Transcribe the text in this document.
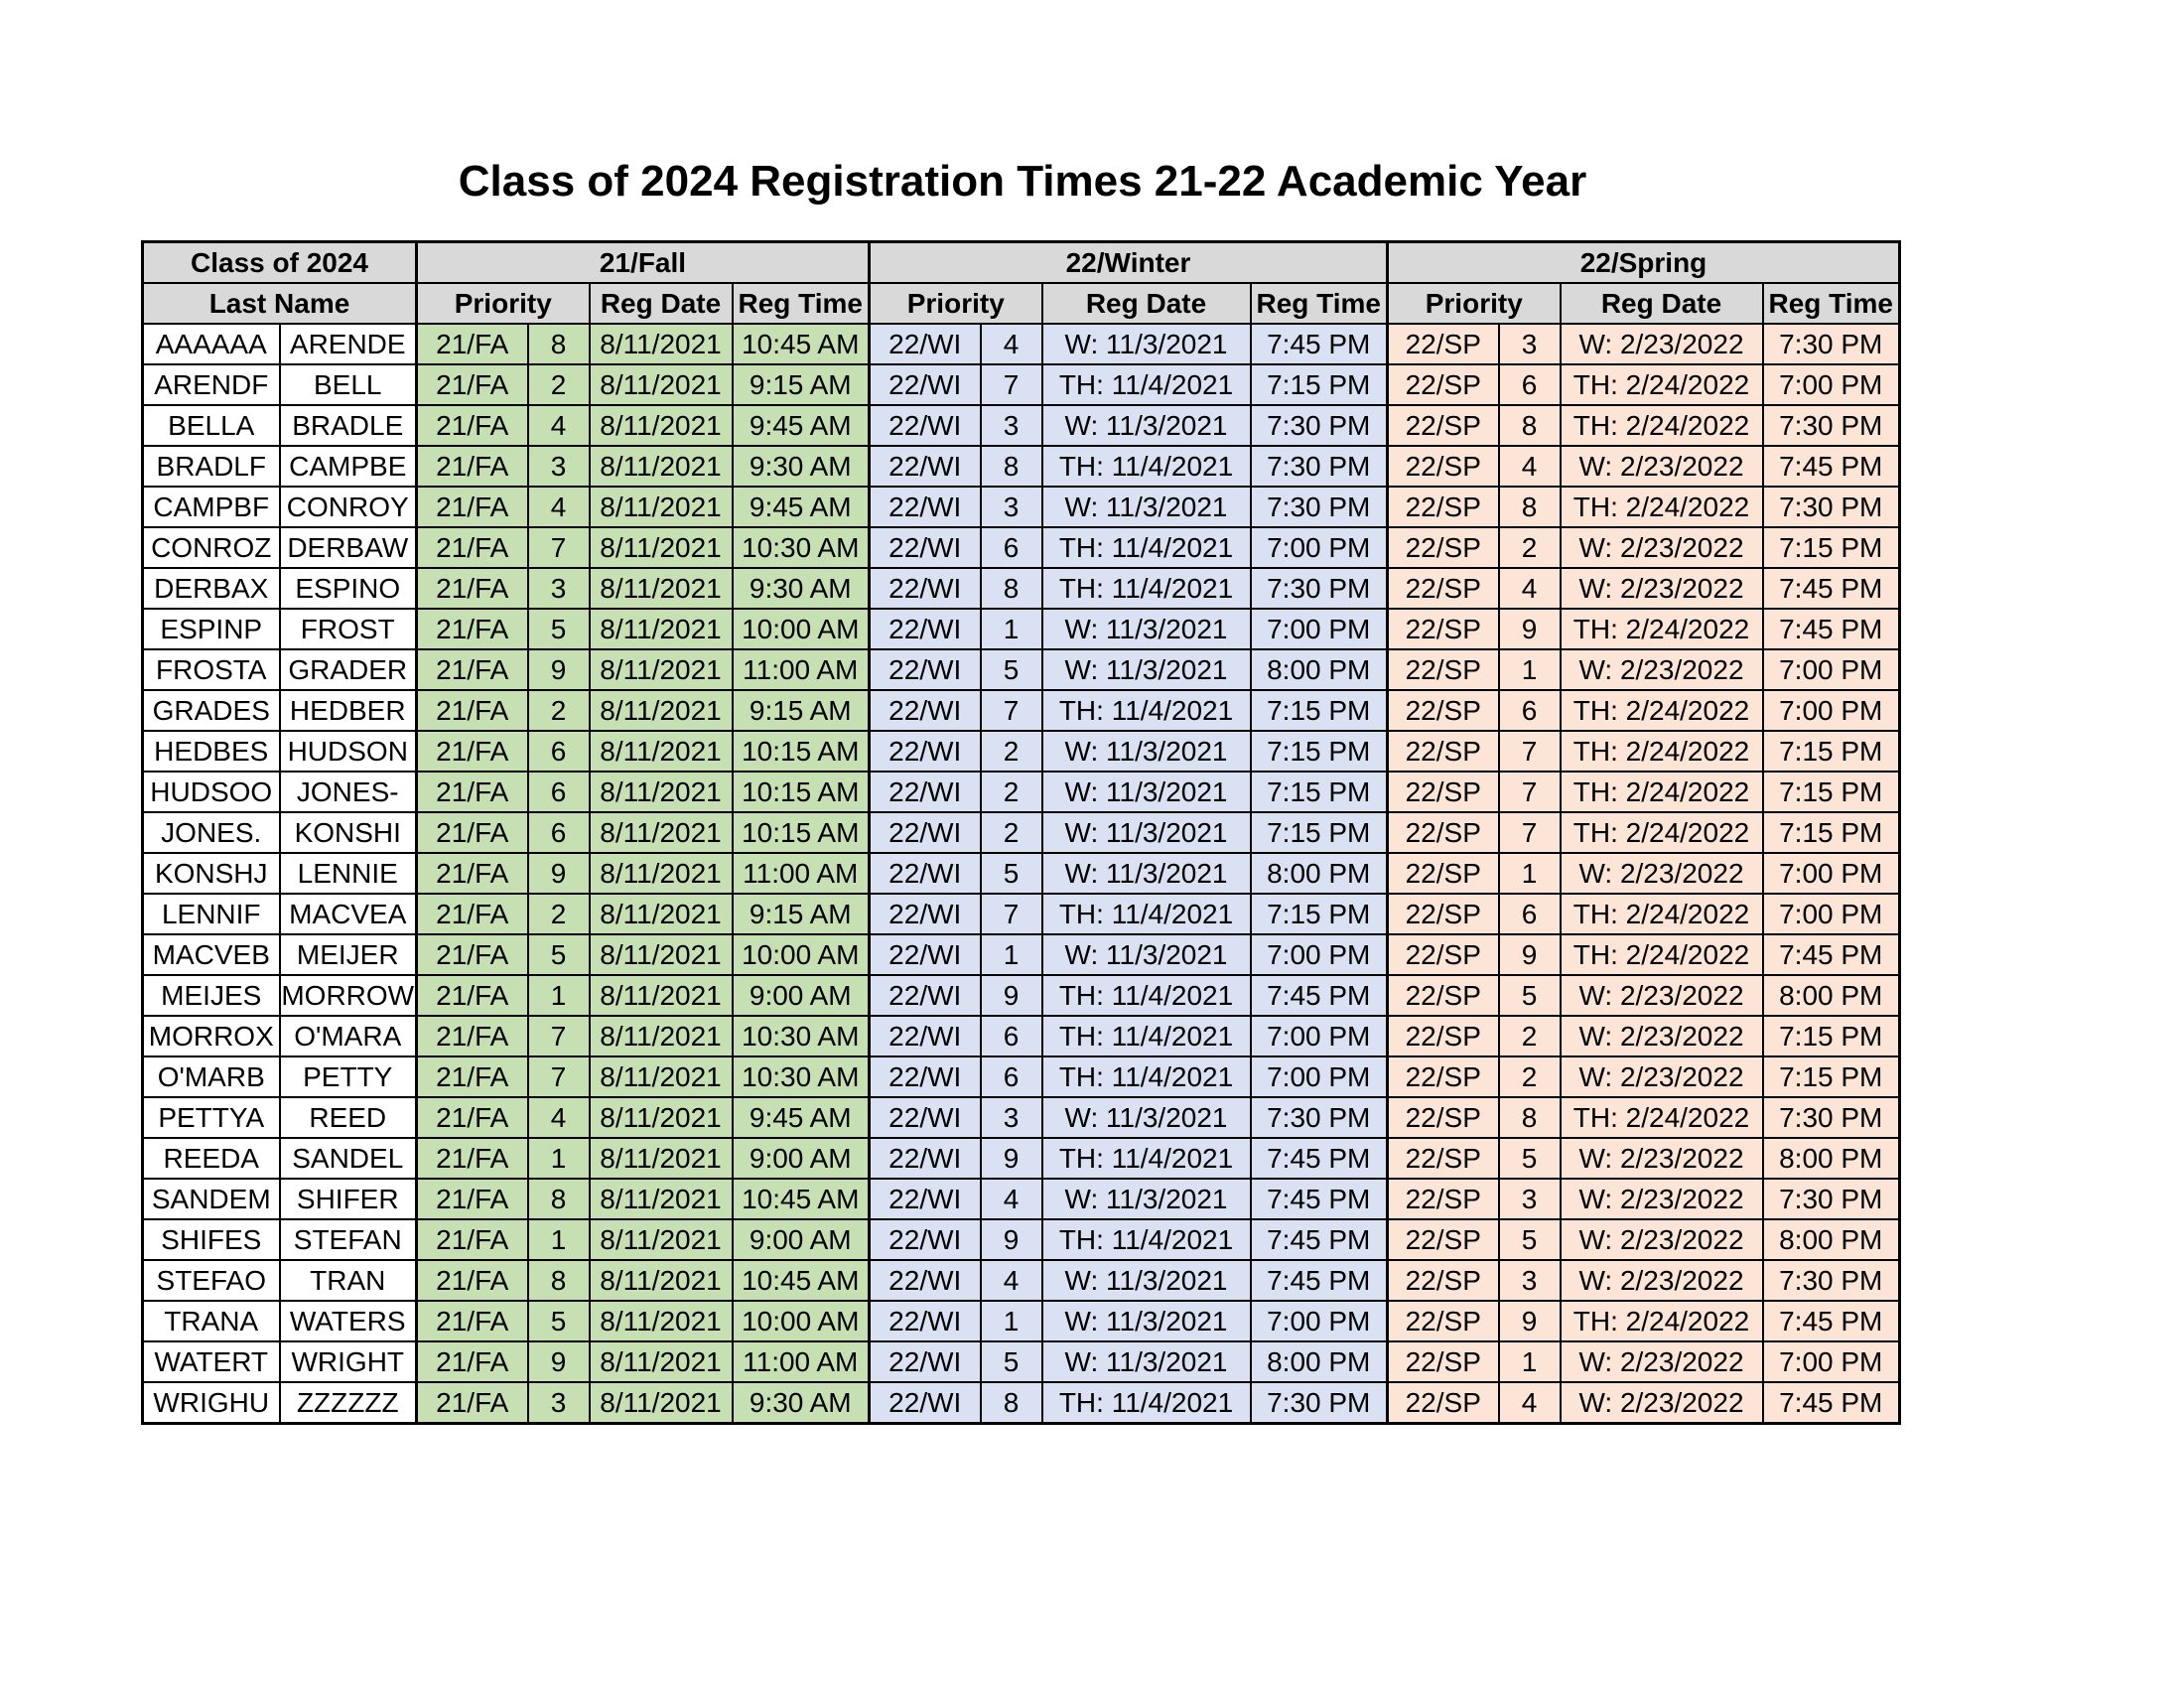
Class of 2024 Registration Times 21-22 Academic Year
Class of 2024		21/Fall				22/Winter				22/Spring			
Last Name		Priority		Reg Date	Reg Time	Priority		Reg Date	Reg Time	Priority		Reg Date	Reg Time
AAAAAA	ARENDE	21/FA	8	8/11/2021	10:45 AM	22/WI	4	W: 11/3/2021	7:45 PM	22/SP	3	W: 2/23/2022	7:30 PM
ARENDF	BELL	21/FA	2	8/11/2021	9:15 AM	22/WI	7	TH: 11/4/2021	7:15 PM	22/SP	6	TH: 2/24/2022	7:00 PM
BELLA	BRADLE	21/FA	4	8/11/2021	9:45 AM	22/WI	3	W: 11/3/2021	7:30 PM	22/SP	8	TH: 2/24/2022	7:30 PM
BRADLF	CAMPBE	21/FA	3	8/11/2021	9:30 AM	22/WI	8	TH: 11/4/2021	7:30 PM	22/SP	4	W: 2/23/2022	7:45 PM
CAMPBF	CONROY	21/FA	4	8/11/2021	9:45 AM	22/WI	3	W: 11/3/2021	7:30 PM	22/SP	8	TH: 2/24/2022	7:30 PM
CONROZ	DERBAW	21/FA	7	8/11/2021	10:30 AM	22/WI	6	TH: 11/4/2021	7:00 PM	22/SP	2	W: 2/23/2022	7:15 PM
DERBAX	ESPINO	21/FA	3	8/11/2021	9:30 AM	22/WI	8	TH: 11/4/2021	7:30 PM	22/SP	4	W: 2/23/2022	7:45 PM
ESPINP	FROST	21/FA	5	8/11/2021	10:00 AM	22/WI	1	W: 11/3/2021	7:00 PM	22/SP	9	TH: 2/24/2022	7:45 PM
FROSTA	GRADER	21/FA	9	8/11/2021	11:00 AM	22/WI	5	W: 11/3/2021	8:00 PM	22/SP	1	W: 2/23/2022	7:00 PM
GRADES	HEDBER	21/FA	2	8/11/2021	9:15 AM	22/WI	7	TH: 11/4/2021	7:15 PM	22/SP	6	TH: 2/24/2022	7:00 PM
HEDBES	HUDSON	21/FA	6	8/11/2021	10:15 AM	22/WI	2	W: 11/3/2021	7:15 PM	22/SP	7	TH: 2/24/2022	7:15 PM
HUDSOO	JONES-	21/FA	6	8/11/2021	10:15 AM	22/WI	2	W: 11/3/2021	7:15 PM	22/SP	7	TH: 2/24/2022	7:15 PM
JONES.	KONSHI	21/FA	6	8/11/2021	10:15 AM	22/WI	2	W: 11/3/2021	7:15 PM	22/SP	7	TH: 2/24/2022	7:15 PM
KONSHJ	LENNIE	21/FA	9	8/11/2021	11:00 AM	22/WI	5	W: 11/3/2021	8:00 PM	22/SP	1	W: 2/23/2022	7:00 PM
LENNIF	MACVEA	21/FA	2	8/11/2021	9:15 AM	22/WI	7	TH: 11/4/2021	7:15 PM	22/SP	6	TH: 2/24/2022	7:00 PM
MACVEB	MEIJER	21/FA	5	8/11/2021	10:00 AM	22/WI	1	W: 11/3/2021	7:00 PM	22/SP	9	TH: 2/24/2022	7:45 PM
MEIJES	MORROW	21/FA	1	8/11/2021	9:00 AM	22/WI	9	TH: 11/4/2021	7:45 PM	22/SP	5	W: 2/23/2022	8:00 PM
MORROX	O'MARA	21/FA	7	8/11/2021	10:30 AM	22/WI	6	TH: 11/4/2021	7:00 PM	22/SP	2	W: 2/23/2022	7:15 PM
O'MARB	PETTY	21/FA	7	8/11/2021	10:30 AM	22/WI	6	TH: 11/4/2021	7:00 PM	22/SP	2	W: 2/23/2022	7:15 PM
PETTYA	REED	21/FA	4	8/11/2021	9:45 AM	22/WI	3	W: 11/3/2021	7:30 PM	22/SP	8	TH: 2/24/2022	7:30 PM
REEDA	SANDEL	21/FA	1	8/11/2021	9:00 AM	22/WI	9	TH: 11/4/2021	7:45 PM	22/SP	5	W: 2/23/2022	8:00 PM
SANDEM	SHIFER	21/FA	8	8/11/2021	10:45 AM	22/WI	4	W: 11/3/2021	7:45 PM	22/SP	3	W: 2/23/2022	7:30 PM
SHIFES	STEFAN	21/FA	1	8/11/2021	9:00 AM	22/WI	9	TH: 11/4/2021	7:45 PM	22/SP	5	W: 2/23/2022	8:00 PM
STEFAO	TRAN	21/FA	8	8/11/2021	10:45 AM	22/WI	4	W: 11/3/2021	7:45 PM	22/SP	3	W: 2/23/2022	7:30 PM
TRANA	WATERS	21/FA	5	8/11/2021	10:00 AM	22/WI	1	W: 11/3/2021	7:00 PM	22/SP	9	TH: 2/24/2022	7:45 PM
WATERT	WRIGHT	21/FA	9	8/11/2021	11:00 AM	22/WI	5	W: 11/3/2021	8:00 PM	22/SP	1	W: 2/23/2022	7:00 PM
WRIGHU	ZZZZZZ	21/FA	3	8/11/2021	9:30 AM	22/WI	8	TH: 11/4/2021	7:30 PM	22/SP	4	W: 2/23/2022	7:45 PM
